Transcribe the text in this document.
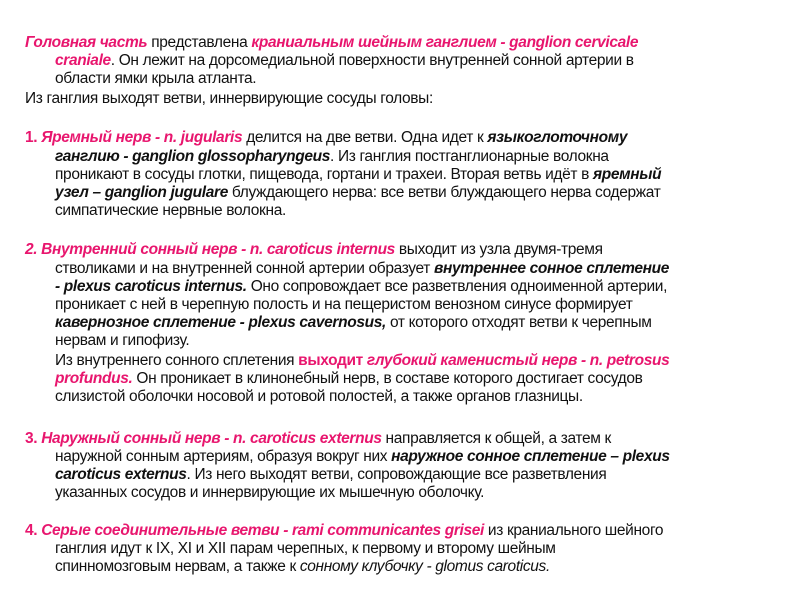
Головная часть представлена краниальным шейным ганглием - ganglion cervicale
craniale. Он лежит на дорсомедиальной поверхности внутренней сонной артерии в
области ямки крыла атланта.
Из ганглия выходят ветви, иннервирующие сосуды головы:
1. Яремный нерв - n. jugularis делится на две ветви. Одна идет к языкоглоточному
ганглию - ganglion glossopharyngeus. Из ганглия постганглионарные волокна
проникают в сосуды глотки, пищевода, гортани и трахеи. Вторая ветвь идёт в яремный
узел – ganglion jugulare блуждающего нерва: все ветви блуждающего нерва содержат
симпатические нервные волокна.
2. Внутренний сонный нерв - n. caroticus internus выходит из узла двумя-тремя
стволиками и на внутренней сонной артерии образует внутреннее сонное сплетение
- plexus caroticus internus. Оно сопровождает все разветвления одноименной артерии,
проникает с ней в черепную полость и на пещеристом венозном синусе формирует
кавернозное сплетение - plexus cavernosus, от которого отходят ветви к черепным
нервам и гипофизу.
Из внутреннего сонного сплетения выходит глубокий каменистый нерв - n. petrosus
profundus. Он проникает в клинонебный нерв, в составе которого достигает сосудов
слизистой оболочки носовой и ротовой полостей, а также органов глазницы.
3. Наружный сонный нерв - n. caroticus externus направляется к общей, а затем к
наружной сонным артериям, образуя вокруг них наружное сонное сплетение – plexus
caroticus externus. Из него выходят ветви, сопровождающие все разветвления
указанных сосудов и иннервирующие их мышечную оболочку.
4. Серые соединительные ветви - rami communicantes grisei из краниального шейного
ганглия идут к IX, XI и XII парам черепных, к первому и второму шейным
спинномозговым нервам, а также к сонному клубочку - glomus caroticus.
